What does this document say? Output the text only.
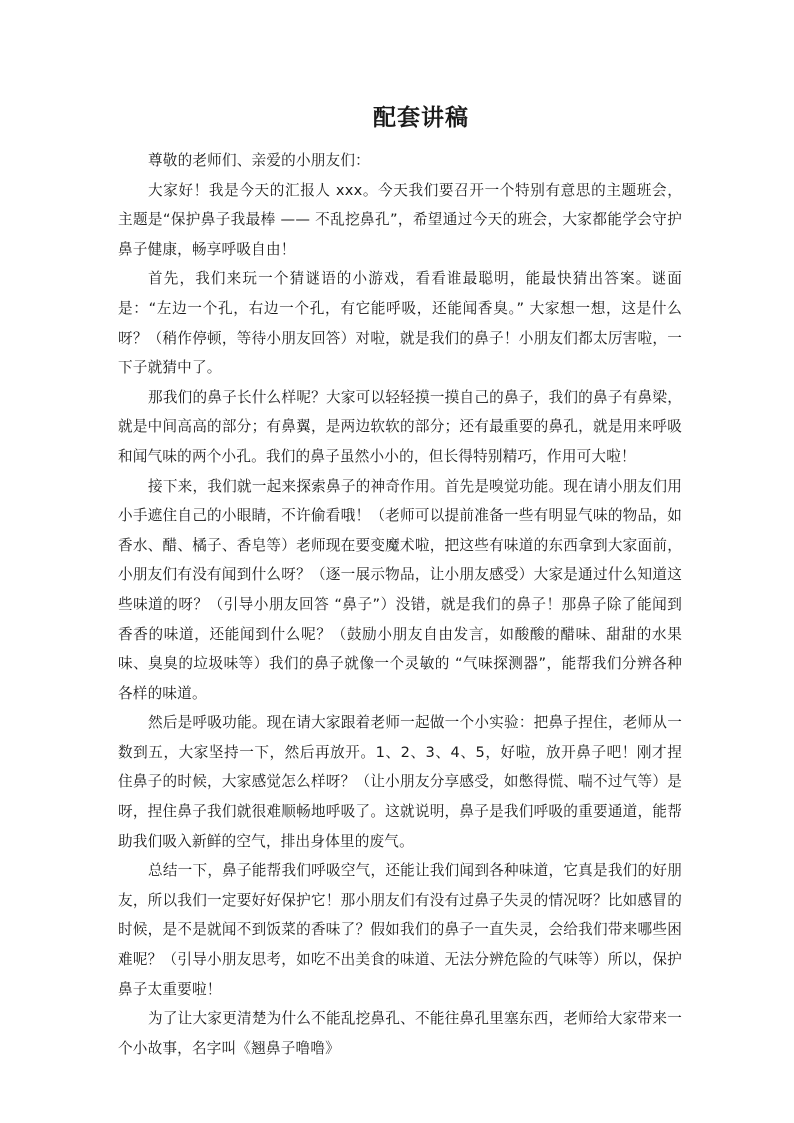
配套讲稿

尊敬的老师们、亲爱的小朋友们：

大家好！我是今天的汇报人 xxx。今天我们要召开一个特别有意思的主题班会，主题是“保护鼻子我最棒 —— 不乱挖鼻孔”，希望通过今天的班会，大家都能学会守护鼻子健康，畅享呼吸自由！

首先，我们来玩一个猜谜语的小游戏，看看谁最聪明，能最快猜出答案。谜面是：“左边一个孔，右边一个孔，有它能呼吸，还能闻香臭。” 大家想一想，这是什么呀？（稍作停顿，等待小朋友回答）对啦，就是我们的鼻子！小朋友们都太厉害啦，一下子就猜中了。

那我们的鼻子长什么样呢？大家可以轻轻摸一摸自己的鼻子，我们的鼻子有鼻梁，就是中间高高的部分；有鼻翼，是两边软软的部分；还有最重要的鼻孔，就是用来呼吸和闻气味的两个小孔。我们的鼻子虽然小小的，但长得特别精巧，作用可大啦！

接下来，我们就一起来探索鼻子的神奇作用。首先是嗅觉功能。现在请小朋友们用小手遮住自己的小眼睛，不许偷看哦！（老师可以提前准备一些有明显气味的物品，如香水、醋、橘子、香皂等）老师现在要变魔术啦，把这些有味道的东西拿到大家面前，小朋友们有没有闻到什么呀？（逐一展示物品，让小朋友感受）大家是通过什么知道这些味道的呀？（引导小朋友回答 “鼻子”）没错，就是我们的鼻子！那鼻子除了能闻到香香的味道，还能闻到什么呢？（鼓励小朋友自由发言，如酸酸的醋味、甜甜的水果味、臭臭的垃圾味等）我们的鼻子就像一个灵敏的 “气味探测器”，能帮我们分辨各种各样的味道。

然后是呼吸功能。现在请大家跟着老师一起做一个小实验：把鼻子捏住，老师从一数到五，大家坚持一下，然后再放开。1、2、3、4、5，好啦，放开鼻子吧！刚才捏住鼻子的时候，大家感觉怎么样呀？（让小朋友分享感受，如憋得慌、喘不过气等）是呀，捏住鼻子我们就很难顺畅地呼吸了。这就说明，鼻子是我们呼吸的重要通道，能帮助我们吸入新鲜的空气，排出身体里的废气。

总结一下，鼻子能帮我们呼吸空气，还能让我们闻到各种味道，它真是我们的好朋友，所以我们一定要好好保护它！那小朋友们有没有过鼻子失灵的情况呀？比如感冒的时候，是不是就闻不到饭菜的香味了？假如我们的鼻子一直失灵，会给我们带来哪些困难呢？（引导小朋友思考，如吃不出美食的味道、无法分辨危险的气味等）所以，保护鼻子太重要啦！

为了让大家更清楚为什么不能乱挖鼻孔、不能往鼻孔里塞东西，老师给大家带来一个小故事，名字叫《翘鼻子噜噜》
